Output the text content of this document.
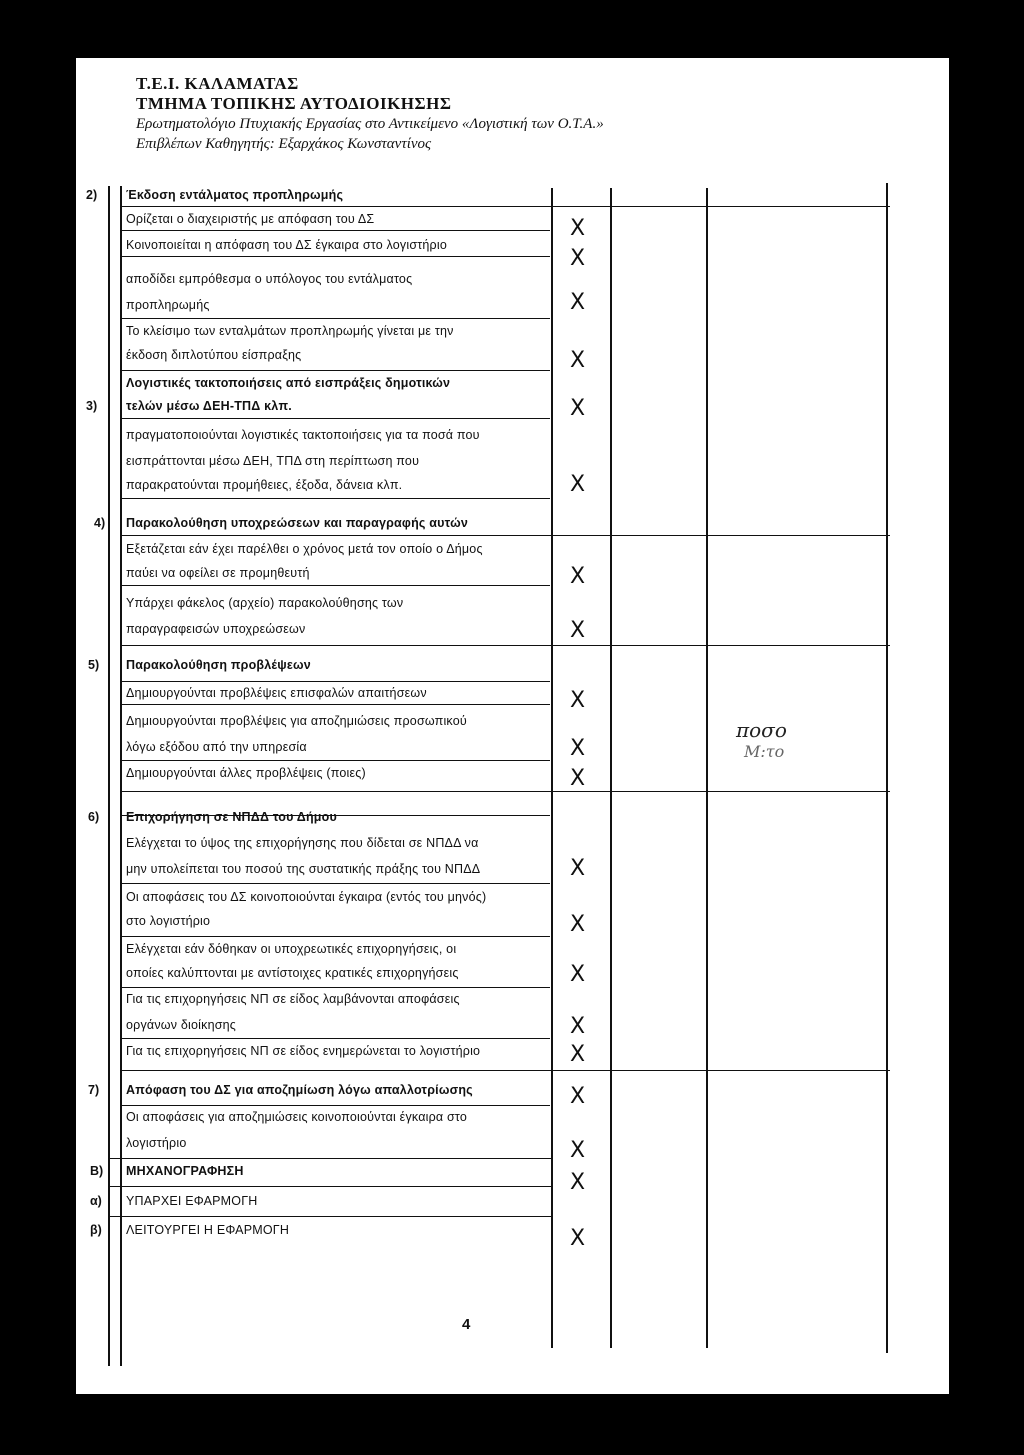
Τ.Ε.Ι. ΚΑΛΑΜΑΤΑΣ
ΤΜΗΜΑ ΤΟΠΙΚΗΣ ΑΥΤΟΔΙΟΙΚΗΣΗΣ
Ερωτηματολόγιο Πτυχιακής Εργασίας στο Αντικείμενο «Λογιστική των Ο.Τ.Α.»
Επιβλέπων Καθηγητής: Εξαρχάκος Κωνσταντίνος
2) Έκδοση εντάλματος προπληρωμής
Ορίζεται ο διαχειριστής με απόφαση του ΔΣ
Κοινοποιείται η απόφαση του ΔΣ έγκαιρα στο λογιστήριο
αποδίδει εμπρόθεσμα ο υπόλογος του εντάλματος
προπληρωμής
Το κλείσιμο των ενταλμάτων προπληρωμής γίνεται με την
έκδοση διπλοτύπου είσπραξης
X
X
X
X
Λογιστικές τακτοποιήσεις από εισπράξεις δημοτικών
3) τελών μέσω ΔΕΗ-ΤΠΔ κλπ.
πραγματοποιούνται λογιστικές τακτοποιήσεις για τα ποσά που
εισπράττονται μέσω ΔΕΗ, ΤΠΔ στη περίπτωση που
παρακρατούνται προμήθειες, έξοδα, δάνεια κλπ.
X
X
4) Παρακολούθηση υποχρεώσεων και παραγραφής αυτών
Εξετάζεται εάν έχει παρέλθει ο χρόνος μετά τον οποίο ο Δήμος
παύει να οφείλει σε προμηθευτή
Υπάρχει φάκελος (αρχείο) παρακολούθησης των
παραγραφεισών υποχρεώσεων
X
X
5) Παρακολούθηση προβλέψεων
Δημιουργούνται προβλέψεις επισφαλών απαιτήσεων
Δημιουργούνται προβλέψεις για αποζημιώσεις προσωπικού
λόγω εξόδου από την υπηρεσία
Δημιουργούνται άλλες προβλέψεις (ποιες)
X
X
X
ποσο
Μ:το
6) Επιχορήγηση σε ΝΠΔΔ του Δήμου
Ελέγχεται το ύψος της επιχορήγησης που δίδεται σε ΝΠΔΔ να
μην υπολείπεται του ποσού της συστατικής πράξης του ΝΠΔΔ
Οι αποφάσεις του ΔΣ κοινοποιούνται έγκαιρα (εντός του μηνός)
στο λογιστήριο
Ελέγχεται εάν δόθηκαν οι υποχρεωτικές επιχορηγήσεις, οι
οποίες καλύπτονται με αντίστοιχες κρατικές επιχορηγήσεις
Για τις επιχορηγήσεις ΝΠ σε είδος λαμβάνονται αποφάσεις
οργάνων διοίκησης
Για τις επιχορηγήσεις ΝΠ σε είδος ενημερώνεται το λογιστήριο
X
X
X
X
X
7) Απόφαση του ΔΣ για αποζημίωση λόγω απαλλοτρίωσης
Οι αποφάσεις για αποζημιώσεις κοινοποιούνται έγκαιρα στο
λογιστήριο
X
X
Β) ΜΗΧΑΝΟΓΡΑΦΗΣΗ	X
α) ΥΠΑΡΧΕΙ ΕΦΑΡΜΟΓΗ
β) ΛΕΙΤΟΥΡΓΕΙ Η ΕΦΑΡΜΟΓΗ	X
4
